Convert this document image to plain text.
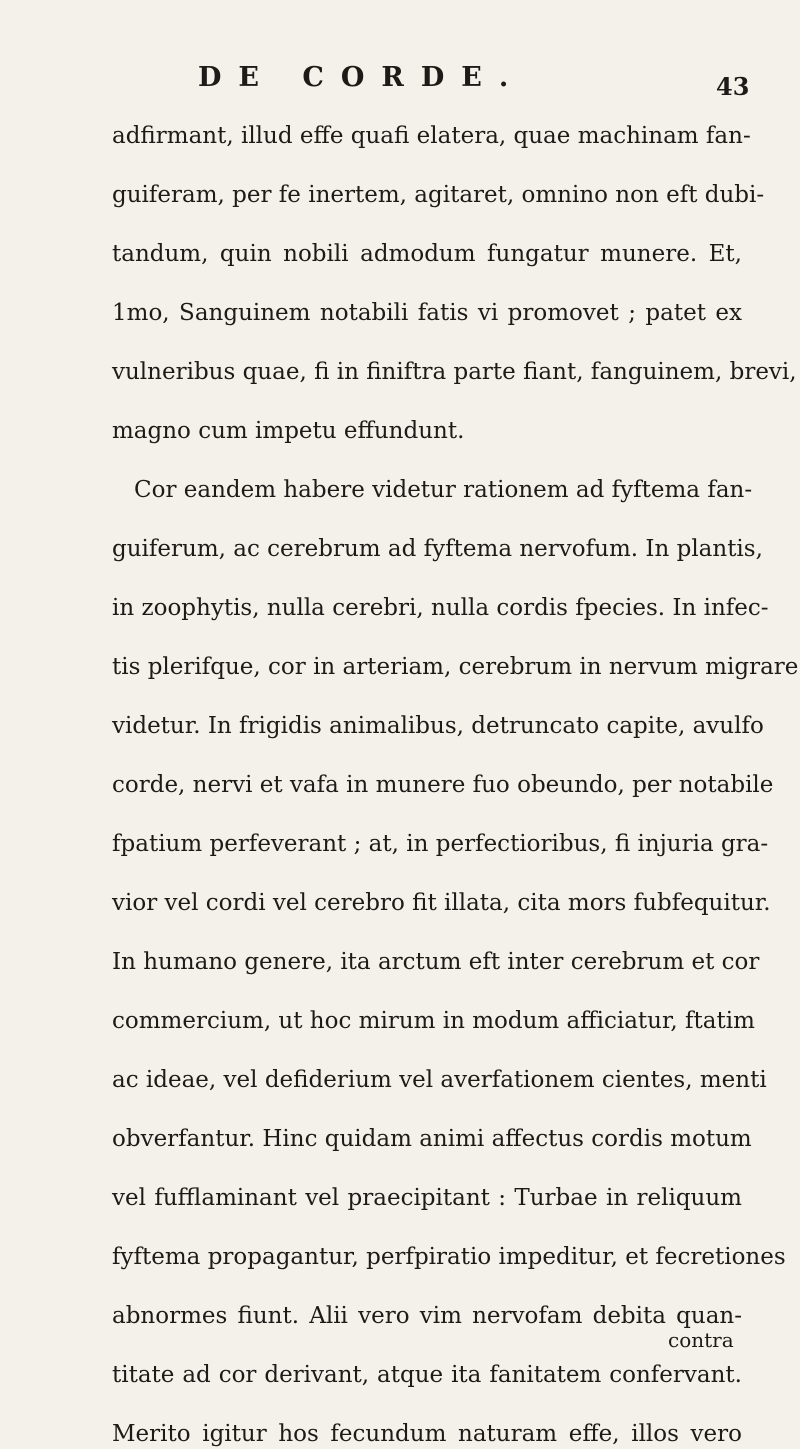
DE CORDE.	43
adfirmant, illud effe quafi elatera, quae machinam fan-
guiferam, per fe inertem, agitaret, omnino non eft dubi-
tandum, quin nobili admodum fungatur munere. Et,
1mo, Sanguinem notabili fatis vi promovet ; patet ex
vulneribus quae, fi in finiftra parte fiant, fanguinem, brevi,
magno cum impetu effundunt.
Cor eandem habere videtur rationem ad fyftema fan-
guiferum, ac cerebrum ad fyftema nervofum. In plantis,
in zoophytis, nulla cerebri, nulla cordis fpecies. In infec-
tis plerifque, cor in arteriam, cerebrum in nervum migrare
videtur. In frigidis animalibus, detruncato capite, avulfo
corde, nervi et vafa in munere fuo obeundo, per notabile
fpatium perfeverant ; at, in perfectioribus, fi injuria gra-
vior vel cordi vel cerebro fit illata, cita mors fubfequitur.
In humano genere, ita arctum eft inter cerebrum et cor
commercium, ut hoc mirum in modum afficiatur, ftatim
ac ideae, vel defiderium vel averfationem cientes, menti
obverfantur. Hinc quidam animi affectus cordis motum
vel fufflaminant vel praecipitant : Turbae in reliquum
fyftema propagantur, perfpiratio impeditur, et fecretiones
abnormes fiunt. Alii vero vim nervofam debita quan-
titate ad cor derivant, atque ita fanitatem confervant.
Merito igitur hos fecundum naturam effe, illos vero
contra
